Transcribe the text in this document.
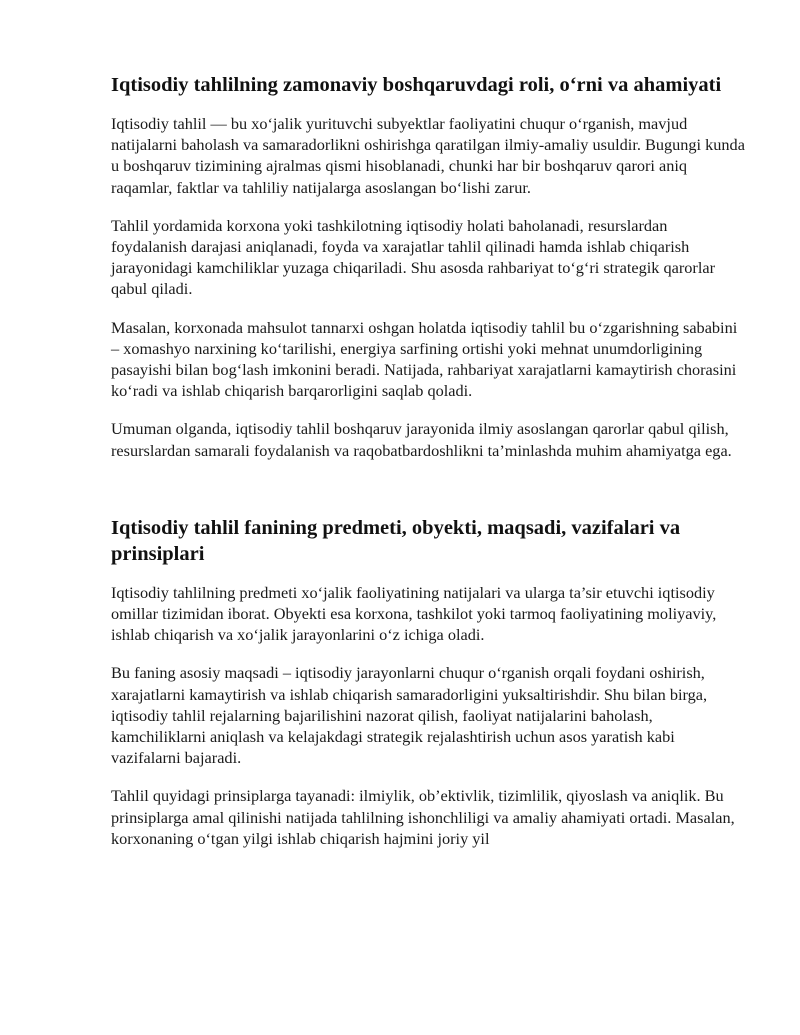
Iqtisodiy tahlilning zamonaviy boshqaruvdagi roli, o‘rni va ahamiyati

Iqtisodiy tahlil — bu xo‘jalik yurituvchi subyektlar faoliyatini chuqur o‘rganish, mavjud natijalarni baholash va samaradorlikni oshirishga qaratilgan ilmiy-amaliy usuldir. Bugungi kunda u boshqaruv tizimining ajralmas qismi hisoblanadi, chunki har bir boshqaruv qarori aniq raqamlar, faktlar va tahliliy natijalarga asoslangan bo‘lishi zarur.

Tahlil yordamida korxona yoki tashkilotning iqtisodiy holati baholanadi, resurslardan foydalanish darajasi aniqlanadi, foyda va xarajatlar tahlil qilinadi hamda ishlab chiqarish jarayonidagi kamchiliklar yuzaga chiqariladi. Shu asosda rahbariyat to‘g‘ri strategik qarorlar qabul qiladi.

Masalan, korxonada mahsulot tannarxi oshgan holatda iqtisodiy tahlil bu o‘zgarishning sababini – xomashyo narxining ko‘tarilishi, energiya sarfining ortishi yoki mehnat unumdorligining pasayishi bilan bog‘lash imkonini beradi. Natijada, rahbariyat xarajatlarni kamaytirish chorasini ko‘radi va ishlab chiqarish barqarorligini saqlab qoladi.

Umuman olganda, iqtisodiy tahlil boshqaruv jarayonida ilmiy asoslangan qarorlar qabul qilish, resurslardan samarali foydalanish va raqobatbardoshlikni ta’minlashda muhim ahamiyatga ega.

Iqtisodiy tahlil fanining predmeti, obyekti, maqsadi, vazifalari va prinsiplari

Iqtisodiy tahlilning predmeti xo‘jalik faoliyatining natijalari va ularga ta’sir etuvchi iqtisodiy omillar tizimidan iborat. Obyekti esa korxona, tashkilot yoki tarmoq faoliyatining moliyaviy, ishlab chiqarish va xo‘jalik jarayonlarini o‘z ichiga oladi.

Bu faning asosiy maqsadi – iqtisodiy jarayonlarni chuqur o‘rganish orqali foydani oshirish, xarajatlarni kamaytirish va ishlab chiqarish samaradorligini yuksaltirishdir. Shu bilan birga, iqtisodiy tahlil rejalarning bajarilishini nazorat qilish, faoliyat natijalarini baholash, kamchiliklarni aniqlash va kelajakdagi strategik rejalashtirish uchun asos yaratish kabi vazifalarni bajaradi.

Tahlil quyidagi prinsiplarga tayanadi: ilmiylik, ob’ektivlik, tizimlilik, qiyoslash va aniqlik. Bu prinsiplarga amal qilinishi natijada tahlilning ishonchliligi va amaliy ahamiyati ortadi. Masalan, korxonaning o‘tgan yilgi ishlab chiqarish hajmini joriy yil
